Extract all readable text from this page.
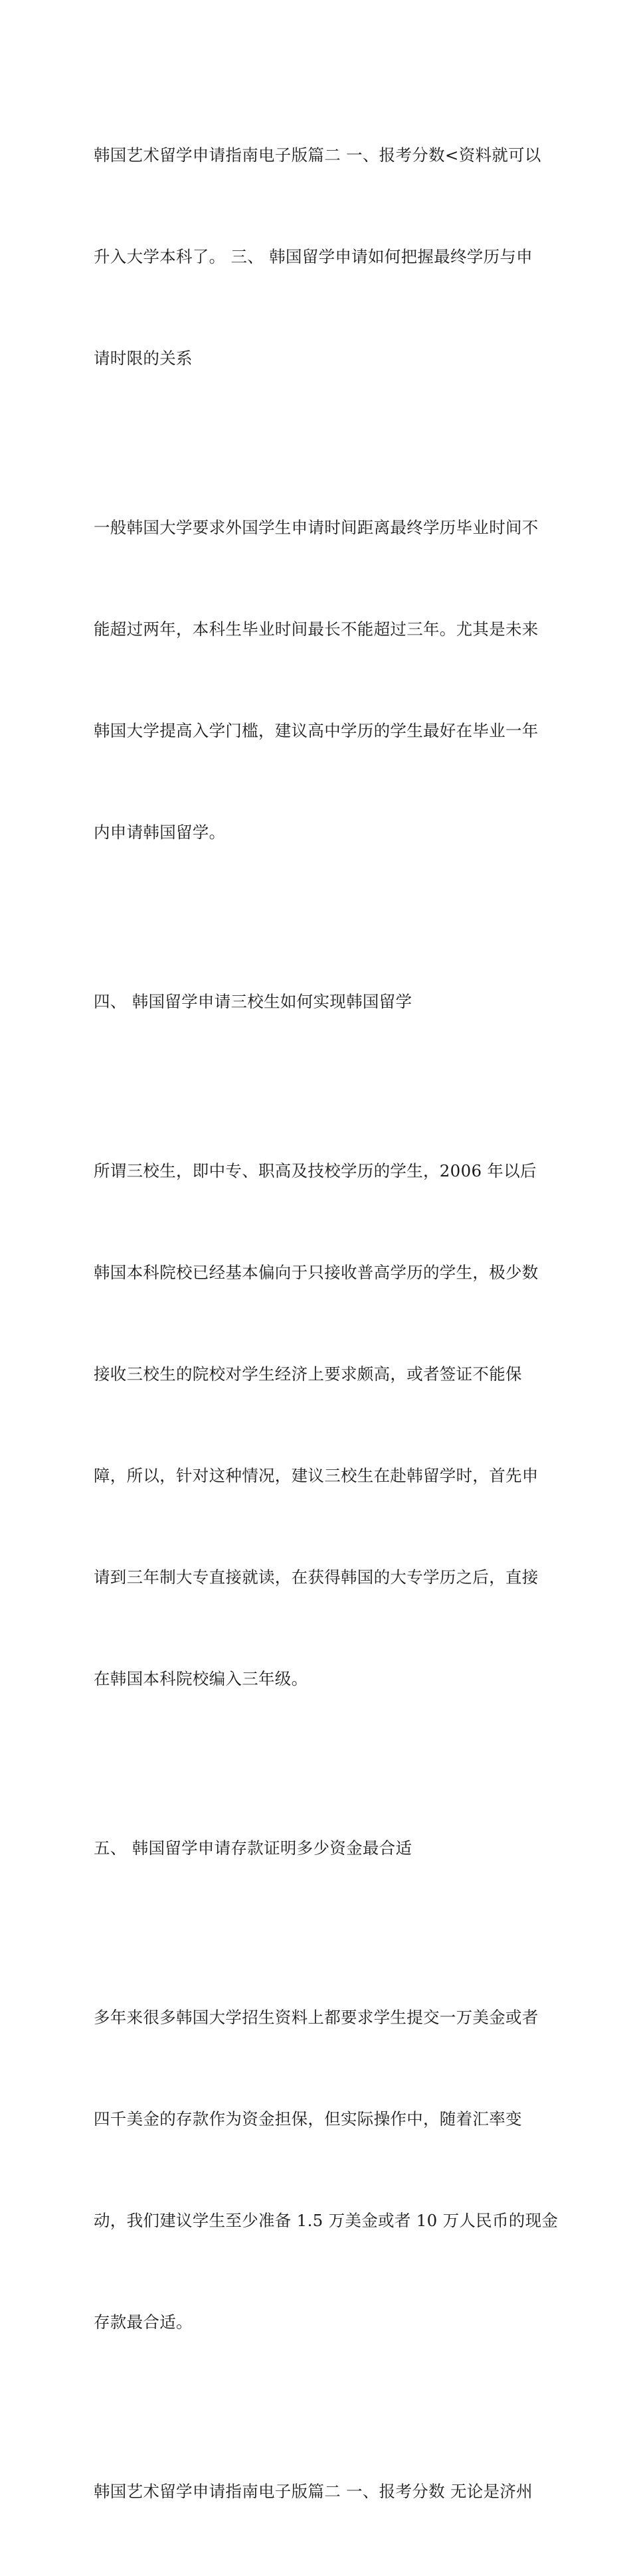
韩国艺术留学申请指南电子版篇二 一、报考分数<资料就可以

升入大学本科了。 三、 韩国留学申请如何把握最终学历与申

请时限的关系

一般韩国大学要求外国学生申请时间距离最终学历毕业时间不

能超过两年，本科生毕业时间最长不能超过三年。尤其是未来

韩国大学提高入学门槛，建议高中学历的学生最好在毕业一年

内申请韩国留学。

四、 韩国留学申请三校生如何实现韩国留学

所谓三校生，即中专、职高及技校学历的学生，2006 年以后

韩国本科院校已经基本偏向于只接收普高学历的学生，极少数

接收三校生的院校对学生经济上要求颇高，或者签证不能保

障，所以，针对这种情况，建议三校生在赴韩留学时，首先申

请到三年制大专直接就读，在获得韩国的大专学历之后，直接

在韩国本科院校编入三年级。

五、 韩国留学申请存款证明多少资金最合适

多年来很多韩国大学招生资料上都要求学生提交一万美金或者

四千美金的存款作为资金担保，但实际操作中，随着汇率变

动，我们建议学生至少准备 1.5 万美金或者 10 万人民币的现金

存款最合适。

韩国艺术留学申请指南电子版篇二 一、报考分数 无论是济州
